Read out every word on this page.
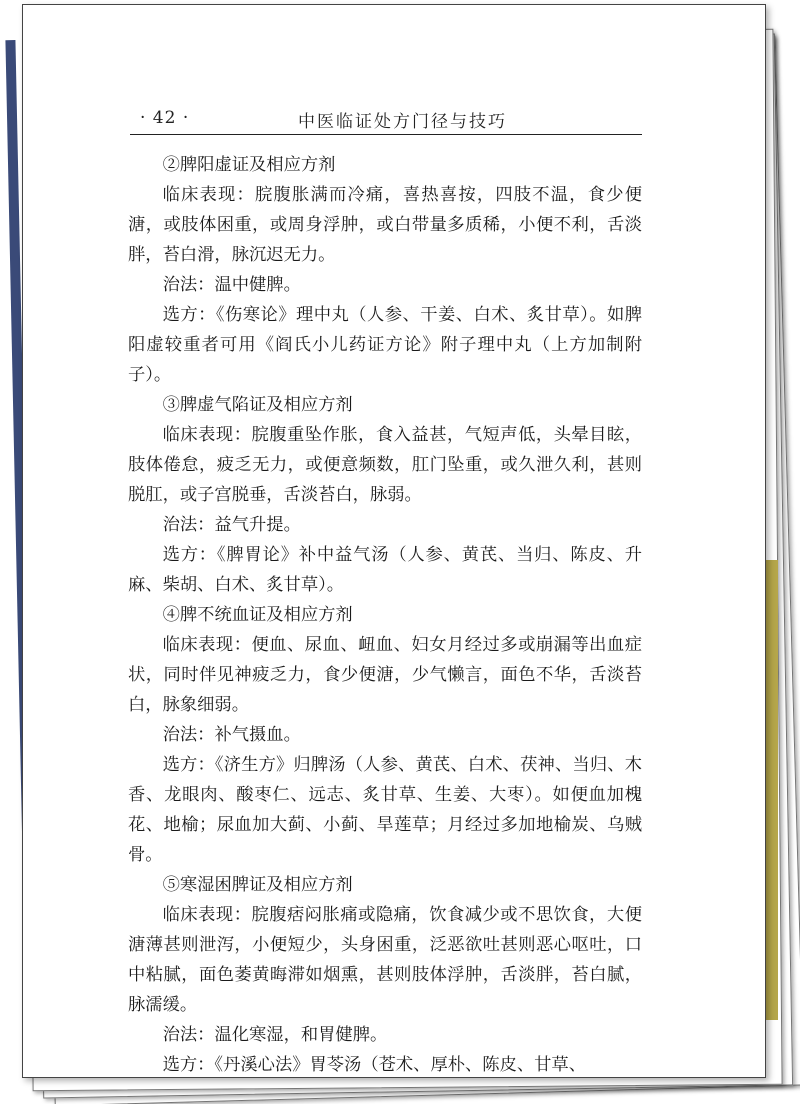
· 42 ·	中医临证处方门径与技巧

②脾阳虚证及相应方剂

临床表现：脘腹胀满而冷痛，喜热喜按，四肢不温，食少便溏，或肢体困重，或周身浮肿，或白带量多质稀，小便不利，舌淡胖，苔白滑，脉沉迟无力。

治法：温中健脾。

选方：《伤寒论》理中丸（人参、干姜、白术、炙甘草）。如脾阳虚较重者可用《阎氏小儿药证方论》附子理中丸（上方加制附子）。

③脾虚气陷证及相应方剂

临床表现：脘腹重坠作胀，食入益甚，气短声低，头晕目眩，肢体倦怠，疲乏无力，或便意频数，肛门坠重，或久泄久利，甚则脱肛，或子宫脱垂，舌淡苔白，脉弱。

治法：益气升提。

选方：《脾胃论》补中益气汤（人参、黄芪、当归、陈皮、升麻、柴胡、白术、炙甘草）。

④脾不统血证及相应方剂

临床表现：便血、尿血、衄血、妇女月经过多或崩漏等出血症状，同时伴见神疲乏力，食少便溏，少气懒言，面色不华，舌淡苔白，脉象细弱。

治法：补气摄血。

选方：《济生方》归脾汤（人参、黄芪、白术、茯神、当归、木香、龙眼肉、酸枣仁、远志、炙甘草、生姜、大枣）。如便血加槐花、地榆；尿血加大蓟、小蓟、旱莲草；月经过多加地榆炭、乌贼骨。

⑤寒湿困脾证及相应方剂

临床表现：脘腹痞闷胀痛或隐痛，饮食减少或不思饮食，大便溏薄甚则泄泻，小便短少，头身困重，泛恶欲吐甚则恶心呕吐，口中粘腻，面色萎黄晦滞如烟熏，甚则肢体浮肿，舌淡胖，苔白腻，脉濡缓。

治法：温化寒湿，和胃健脾。

选方：《丹溪心法》胃苓汤（苍术、厚朴、陈皮、甘草、
